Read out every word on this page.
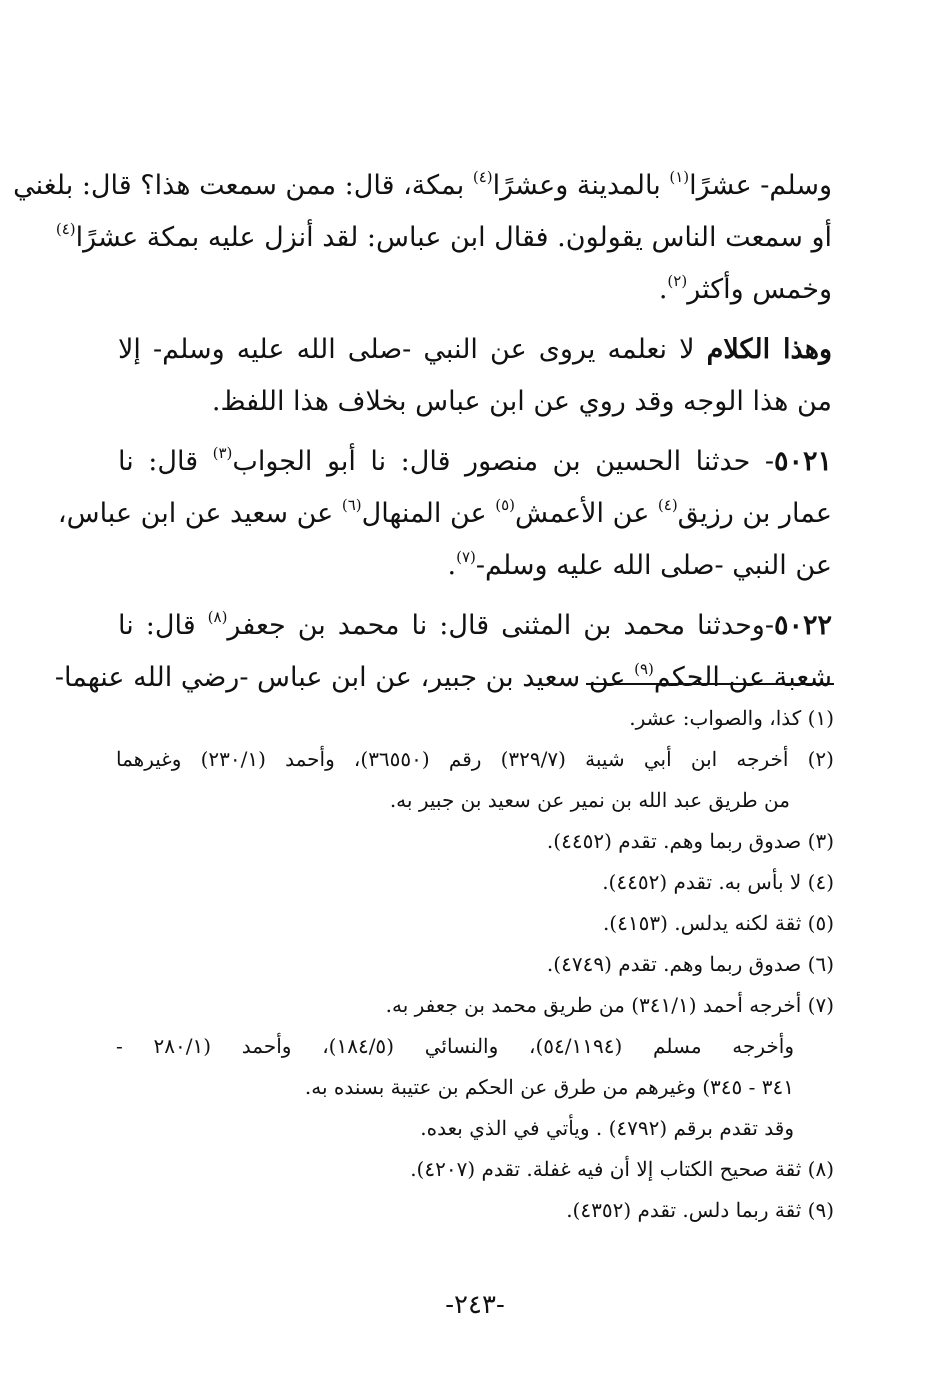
وسلم- عشرًا$^{(١)}$ بالمدينة وعشرًا$^{(٤)}$ بمكة، قال: ممن سمعت هذا؟ قال: بلغني
أو سمعت الناس يقولون. فقال ابن عباس: لقد أنزل عليه بمكة عشرًا$^{(٤)}$
وخمس وأكثر$^{(٢)}$.
وهذا الكلام لا نعلمه يروى عن النبي -صلى الله عليه وسلم- إلا
من هذا الوجه وقد روي عن ابن عباس بخلاف هذا اللفظ.
٥٠٢١- حدثنا الحسين بن منصور قال: نا أبو الجواب$^{(٣)}$ قال: نا
عمار بن رزيق$^{(٤)}$ عن الأعمش$^{(٥)}$ عن المنهال$^{(٦)}$ عن سعيد عن ابن عباس،
عن النبي -صلى الله عليه وسلم-$^{(٧)}$.
٥٠٢٢-وحدثنا محمد بن المثنى قال: نا محمد بن جعفر$^{(٨)}$ قال: نا
شعبة عن الحكم$^{(٩)}$ عن سعيد بن جبير، عن ابن عباس -رضي الله عنهما-
(١) كذا، والصواب: عشر.
(٢) أخرجه ابن أبي شيبة (٣٢٩/٧) رقم (٣٦٥٥٠)، وأحمد (٢٣٠/١) وغيرهما
من طريق عبد الله بن نمير عن سعيد بن جبير به.
(٣) صدوق ربما وهم. تقدم (٤٤٥٢).
(٤) لا بأس به. تقدم (٤٤٥٢).
(٥) ثقة لكنه يدلس. (٤١٥٣).
(٦) صدوق ربما وهم. تقدم (٤٧٤٩).
(٧) أخرجه أحمد (٣٤١/١) من طريق محمد بن جعفر به.
وأخرجه مسلم (٥٤/١١٩٤)، والنسائي (١٨٤/٥)، وأحمد (٢٨٠/١ -
٣٤١ - ٣٤٥) وغيرهم من طرق عن الحكم بن عتيبة بسنده به.
وقد تقدم برقم (٤٧٩٢) . ويأتي في الذي بعده.
(٨) ثقة صحيح الكتاب إلا أن فيه غفلة. تقدم (٤٢٠٧).
(٩) ثقة ربما دلس. تقدم (٤٣٥٢).
-٢٤٣-
